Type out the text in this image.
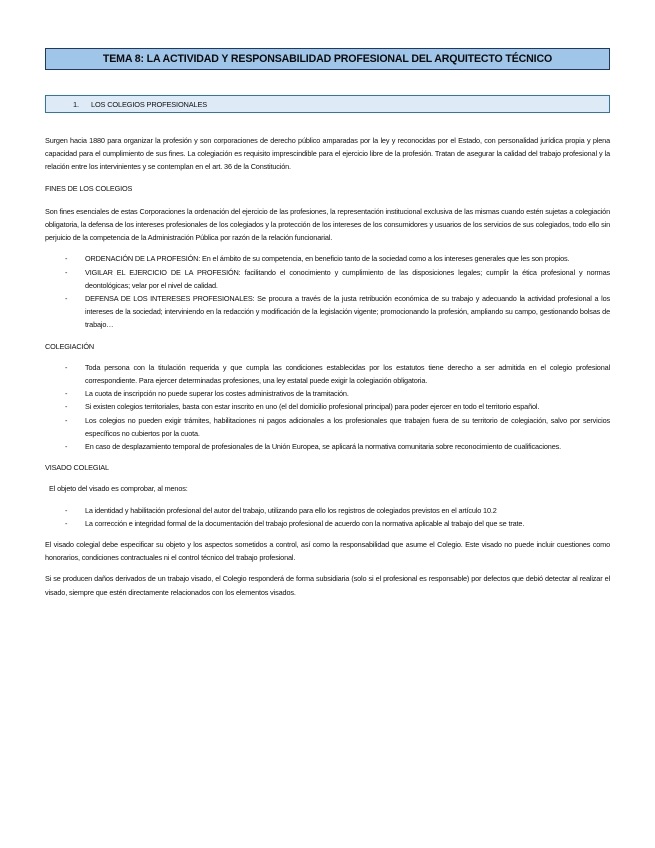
TEMA 8: LA ACTIVIDAD Y RESPONSABILIDAD PROFESIONAL DEL ARQUITECTO TÉCNICO
1.	LOS COLEGIOS PROFESIONALES

Surgen hacia 1880 para organizar la profesión y son corporaciones de derecho público amparadas por la ley y reconocidas por el Estado, con personalidad jurídica propia y plena capacidad para el cumplimiento de sus fines. La colegiación es requisito imprescindible para el ejercicio libre de la profesión. Tratan de asegurar la calidad del trabajo profesional y la relación entre los intervinientes y se contemplan en el art. 36 de la Constitución.

FINES DE LOS COLEGIOS

Son fines esenciales de estas Corporaciones la ordenación del ejercicio de las profesiones, la representación institucional exclusiva de las mismas cuando estén sujetas a colegiación obligatoria, la defensa de los intereses profesionales de los colegiados y la protección de los intereses de los consumidores y usuarios de los servicios de sus colegiados, todo ello sin perjuicio de la competencia de la Administración Pública por razón de la relación funcionarial.

- ORDENACIÓN DE LA PROFESIÓN: En el ámbito de su competencia, en beneficio tanto de la sociedad como a los intereses generales que les son propios.
- VIGILAR EL EJERCICIO DE LA PROFESIÓN: facilitando el conocimiento y cumplimiento de las disposiciones legales; cumplir la ética profesional y normas deontológicas; velar por el nivel de calidad.
- DEFENSA DE LOS INTERESES PROFESIONALES: Se procura a través de la justa retribución económica de su trabajo y adecuando la actividad profesional a los intereses de la sociedad; interviniendo en la redacción y modificación de la legislación vigente; promocionando la profesión, ampliando su campo, gestionando bolsas de trabajo…
COLEGIACIÓN
- Toda persona con la titulación requerida y que cumpla las condiciones establecidas por los estatutos tiene derecho a ser admitida en el colegio profesional correspondiente. Para ejercer determinadas profesiones, una ley estatal puede exigir la colegiación obligatoria.
- La cuota de inscripción no puede superar los costes administrativos de la tramitación.
- Si existen colegios territoriales, basta con estar inscrito en uno (el del domicilio profesional principal) para poder ejercer en todo el territorio español.
- Los colegios no pueden exigir trámites, habilitaciones ni pagos adicionales a los profesionales que trabajen fuera de su territorio de colegiación, salvo por servicios específicos no cubiertos por la cuota.
- En caso de desplazamiento temporal de profesionales de la Unión Europea, se aplicará la normativa comunitaria sobre reconocimiento de cualificaciones.
VISADO COLEGIAL

El objeto del visado es comprobar, al menos:

- La identidad y habilitación profesional del autor del trabajo, utilizando para ello los registros de colegiados previstos en el artículo 10.2
- La corrección e integridad formal de la documentación del trabajo profesional de acuerdo con la normativa aplicable al trabajo del que se trate.

El visado colegial debe especificar su objeto y los aspectos sometidos a control, así como la responsabilidad que asume el Colegio. Este visado no puede incluir cuestiones como honorarios, condiciones contractuales ni el control técnico del trabajo profesional.

Si se producen daños derivados de un trabajo visado, el Colegio responderá de forma subsidiaria (solo si el profesional es responsable) por defectos que debió detectar al realizar el visado, siempre que estén directamente relacionados con los elementos visados.
